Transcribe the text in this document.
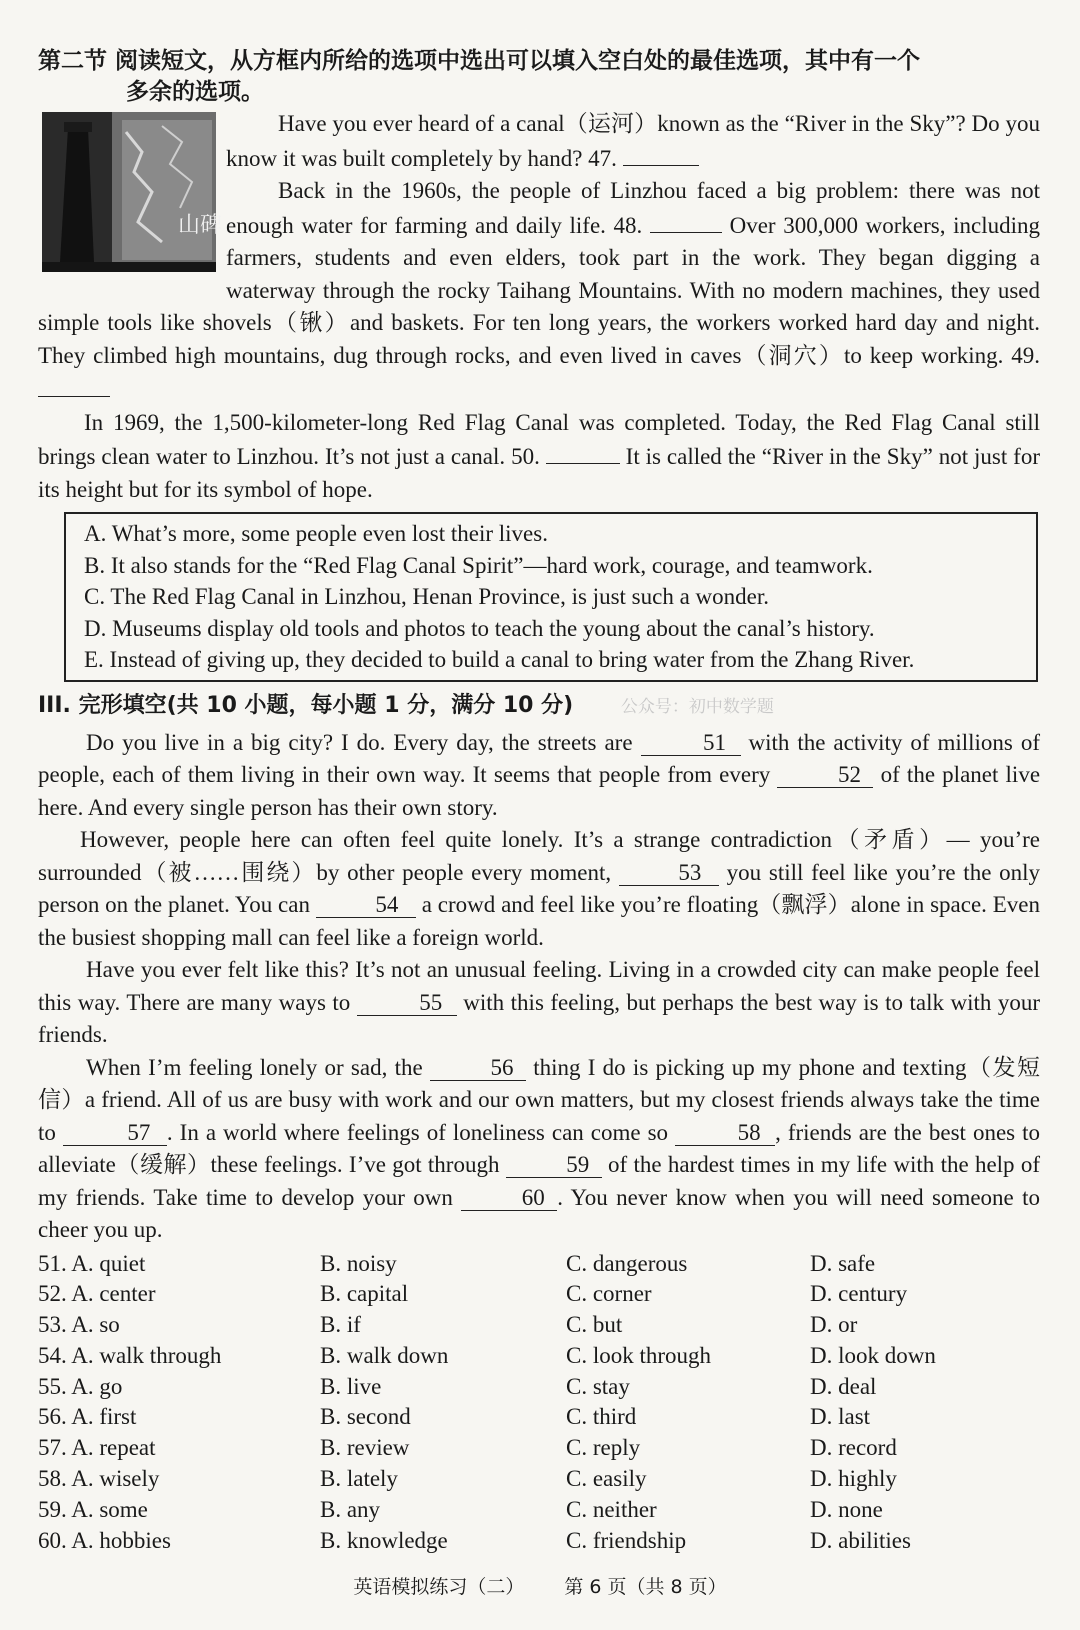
第二节 阅读短文，从方框内所给的选项中选出可以填入空白处的最佳选项，其中有一个
多余的选项。
山碑

Have you ever heard of a canal（运河）known as the “River in the Sky”? Do you know it was built completely by hand? 47.

Back in the 1960s, the people of Linzhou faced a big problem: there was not enough water for farming and daily life. 48.	Over 300,000 workers, including farmers, students and even elders, took part in the work. They began digging a waterway through the rocky Taihang Mountains. With no modern machines, they used simple tools like shovels（锹）and baskets. For ten long years, the workers worked hard day and night. They climbed high mountains, dug through rocks, and even lived in caves（洞穴）to keep working. 49.

In 1969, the 1,500-kilometer-long Red Flag Canal was completed. Today, the Red Flag Canal still brings clean water to Linzhou. It’s not just a canal. 50.	It is called the “River in the Sky” not just for its height but for its symbol of hope.

A. What’s more, some people even lost their lives.
B. It also stands for the “Red Flag Canal Spirit”—hard work, courage, and teamwork.
C. The Red Flag Canal in Linzhou, Henan Province, is just such a wonder.
D. Museums display old tools and photos to teach the young about the canal’s history.
E. Instead of giving up, they decided to build a canal to bring water from the Zhang River.
III. 完形填空(共 10 小题，每小题 1 分，满分 10 分)	公众号：初中数学题

Do you live in a big city? I do. Every day, the streets are	51 with the activity of millions of people, each of them living in their own way. It seems that people from every	52 of the planet live here. And every single person has their own story.

However, people here can often feel quite lonely. It’s a strange contradiction（矛盾）— you’re surrounded（被……围绕）by other people every moment,	53 you still feel like you’re the only person on the planet. You can	54 a crowd and feel like you’re floating（飘浮）alone in space. Even the busiest shopping mall can feel like a foreign world.

Have you ever felt like this? It’s not an unusual feeling. Living in a crowded city can make people feel this way. There are many ways to	55 with this feeling, but perhaps the best way is to talk with your friends.

When I’m feeling lonely or sad, the	56 thing I do is picking up my phone and texting（发短信）a friend. All of us are busy with work and our own matters, but my closest friends always take the time to	57 . In a world where feelings of loneliness can come so	58 , friends are the best ones to alleviate（缓解）these feelings. I’ve got through	59 of the hardest times in my life with the help of my friends. Take time to develop your own	60 . You never know when you will need someone to cheer you up.

51. A. quiet	B. noisy	C. dangerous	D. safe
52. A. center	B. capital	C. corner	D. century
53. A. so	B. if	C. but	D. or
54. A. walk through	B. walk down	C. look through	D. look down
55. A. go	B. live	C. stay	D. deal
56. A. first	B. second	C. third	D. last
57. A. repeat	B. review	C. reply	D. record
58. A. wisely	B. lately	C. easily	D. highly
59. A. some	B. any	C. neither	D. none
60. A. hobbies	B. knowledge	C. friendship	D. abilities
英语模拟练习（二） 第 6 页（共 8 页）
